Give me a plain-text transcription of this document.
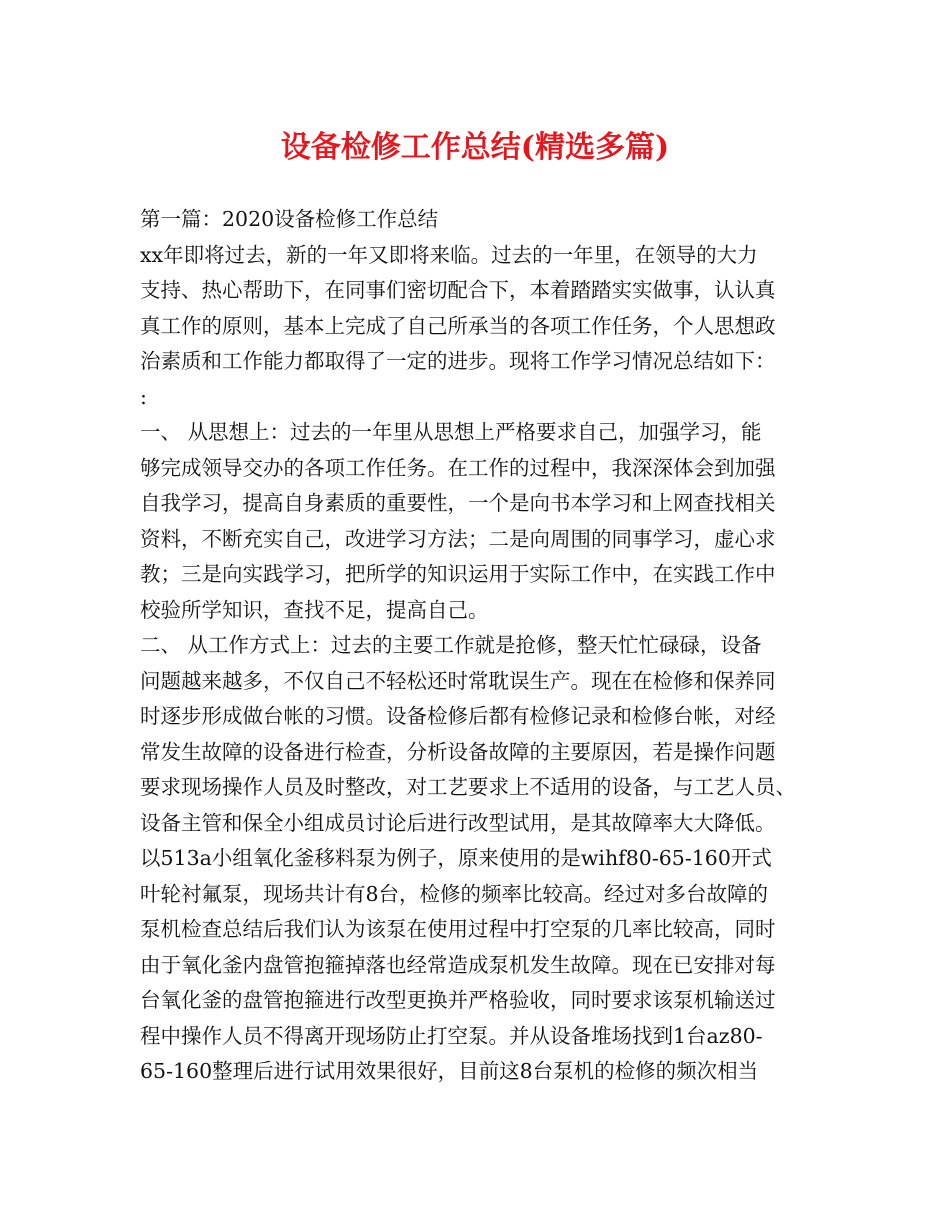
设备检修工作总结(精选多篇)
第一篇：2020设备检修工作总结
xx年即将过去，新的一年又即将来临。过去的一年里，在领导的大力
支持、热心帮助下，在同事们密切配合下，本着踏踏实实做事，认认真
真工作的原则，基本上完成了自己所承当的各项工作任务，个人思想政
治素质和工作能力都取得了一定的进步。现将工作学习情况总结如下：
:
一、 从思想上：过去的一年里从思想上严格要求自己，加强学习，能
够完成领导交办的各项工作任务。在工作的过程中，我深深体会到加强
自我学习，提高自身素质的重要性，一个是向书本学习和上网查找相关
资料，不断充实自己，改进学习方法；二是向周围的同事学习，虚心求
教；三是向实践学习，把所学的知识运用于实际工作中，在实践工作中
校验所学知识，查找不足，提高自己。
二、 从工作方式上：过去的主要工作就是抢修，整天忙忙碌碌，设备
问题越来越多，不仅自己不轻松还时常耽误生产。现在在检修和保养同
时逐步形成做台帐的习惯。设备检修后都有检修记录和检修台帐，对经
常发生故障的设备进行检查，分析设备故障的主要原因，若是操作问题
要求现场操作人员及时整改，对工艺要求上不适用的设备，与工艺人员、
设备主管和保全小组成员讨论后进行改型试用，是其故障率大大降低。
以513a小组氧化釜移料泵为例子，原来使用的是wihf80-65-160开式
叶轮衬氟泵，现场共计有8台，检修的频率比较高。经过对多台故障的
泵机检查总结后我们认为该泵在使用过程中打空泵的几率比较高，同时
由于氧化釜内盘管抱箍掉落也经常造成泵机发生故障。现在已安排对每
台氧化釜的盘管抱箍进行改型更换并严格验收，同时要求该泵机输送过
程中操作人员不得离开现场防止打空泵。并从设备堆场找到1台az80-
65-160整理后进行试用效果很好，目前这8台泵机的检修的频次相当
